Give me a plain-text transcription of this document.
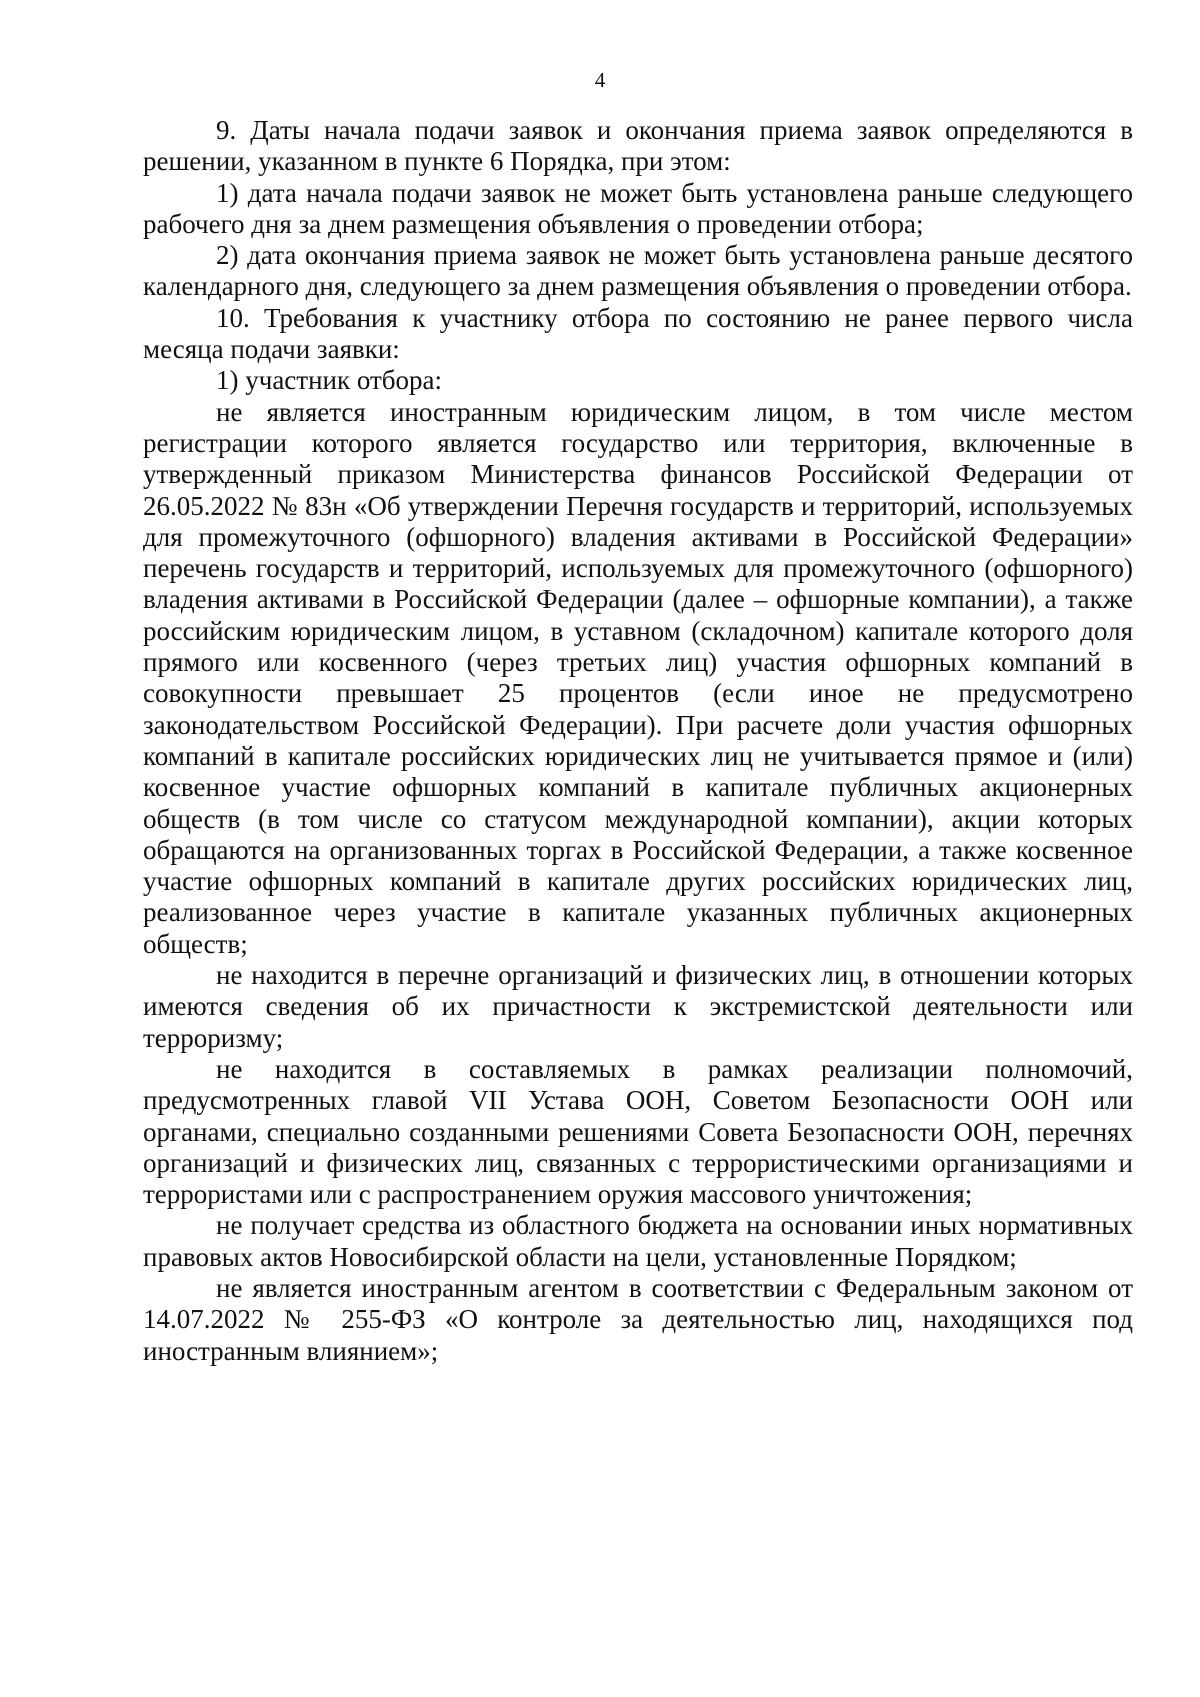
4

9. Даты начала подачи заявок и окончания приема заявок определяются в решении, указанном в пункте 6 Порядка, при этом:

1) дата начала подачи заявок не может быть установлена раньше следующего рабочего дня за днем размещения объявления о проведении отбора;

2) дата окончания приема заявок не может быть установлена раньше десятого календарного дня, следующего за днем размещения объявления о проведении отбора.

10. Требования к участнику отбора по состоянию не ранее первого числа месяца подачи заявки:

1) участник отбора:

не является иностранным юридическим лицом, в том числе местом регистрации которого является государство или территория, включенные в утвержденный приказом Министерства финансов Российской Федерации от 26.05.2022 № 83н «Об утверждении Перечня государств и территорий, используемых для промежуточного (офшорного) владения активами в Российской Федерации» перечень государств и территорий, используемых для промежуточного (офшорного) владения активами в Российской Федерации (далее – офшорные компании), а также российским юридическим лицом, в уставном (складочном) капитале которого доля прямого или косвенного (через третьих лиц) участия офшорных компаний в совокупности превышает 25 процентов (если иное не предусмотрено законодательством Российской Федерации). При расчете доли участия офшорных компаний в капитале российских юридических лиц не учитывается прямое и (или) косвенное участие офшорных компаний в капитале публичных акционерных обществ (в том числе со статусом международной компании), акции которых обращаются на организованных торгах в Российской Федерации, а также косвенное участие офшорных компаний в капитале других российских юридических лиц, реализованное через участие в капитале указанных публичных акционерных обществ;

не находится в перечне организаций и физических лиц, в отношении которых имеются сведения об их причастности к экстремистской деятельности или терроризму;

не находится в составляемых в рамках реализации полномочий, предусмотренных главой VII Устава ООН, Советом Безопасности ООН или органами, специально созданными решениями Совета Безопасности ООН, перечнях организаций и физических лиц, связанных с террористическими организациями и террористами или с распространением оружия массового уничтожения;

не получает средства из областного бюджета на основании иных нормативных правовых актов Новосибирской области на цели, установленные Порядком;

не является иностранным агентом в соответствии с Федеральным законом от 14.07.2022 № 255-ФЗ «О контроле за деятельностью лиц, находящихся под иностранным влиянием»;
